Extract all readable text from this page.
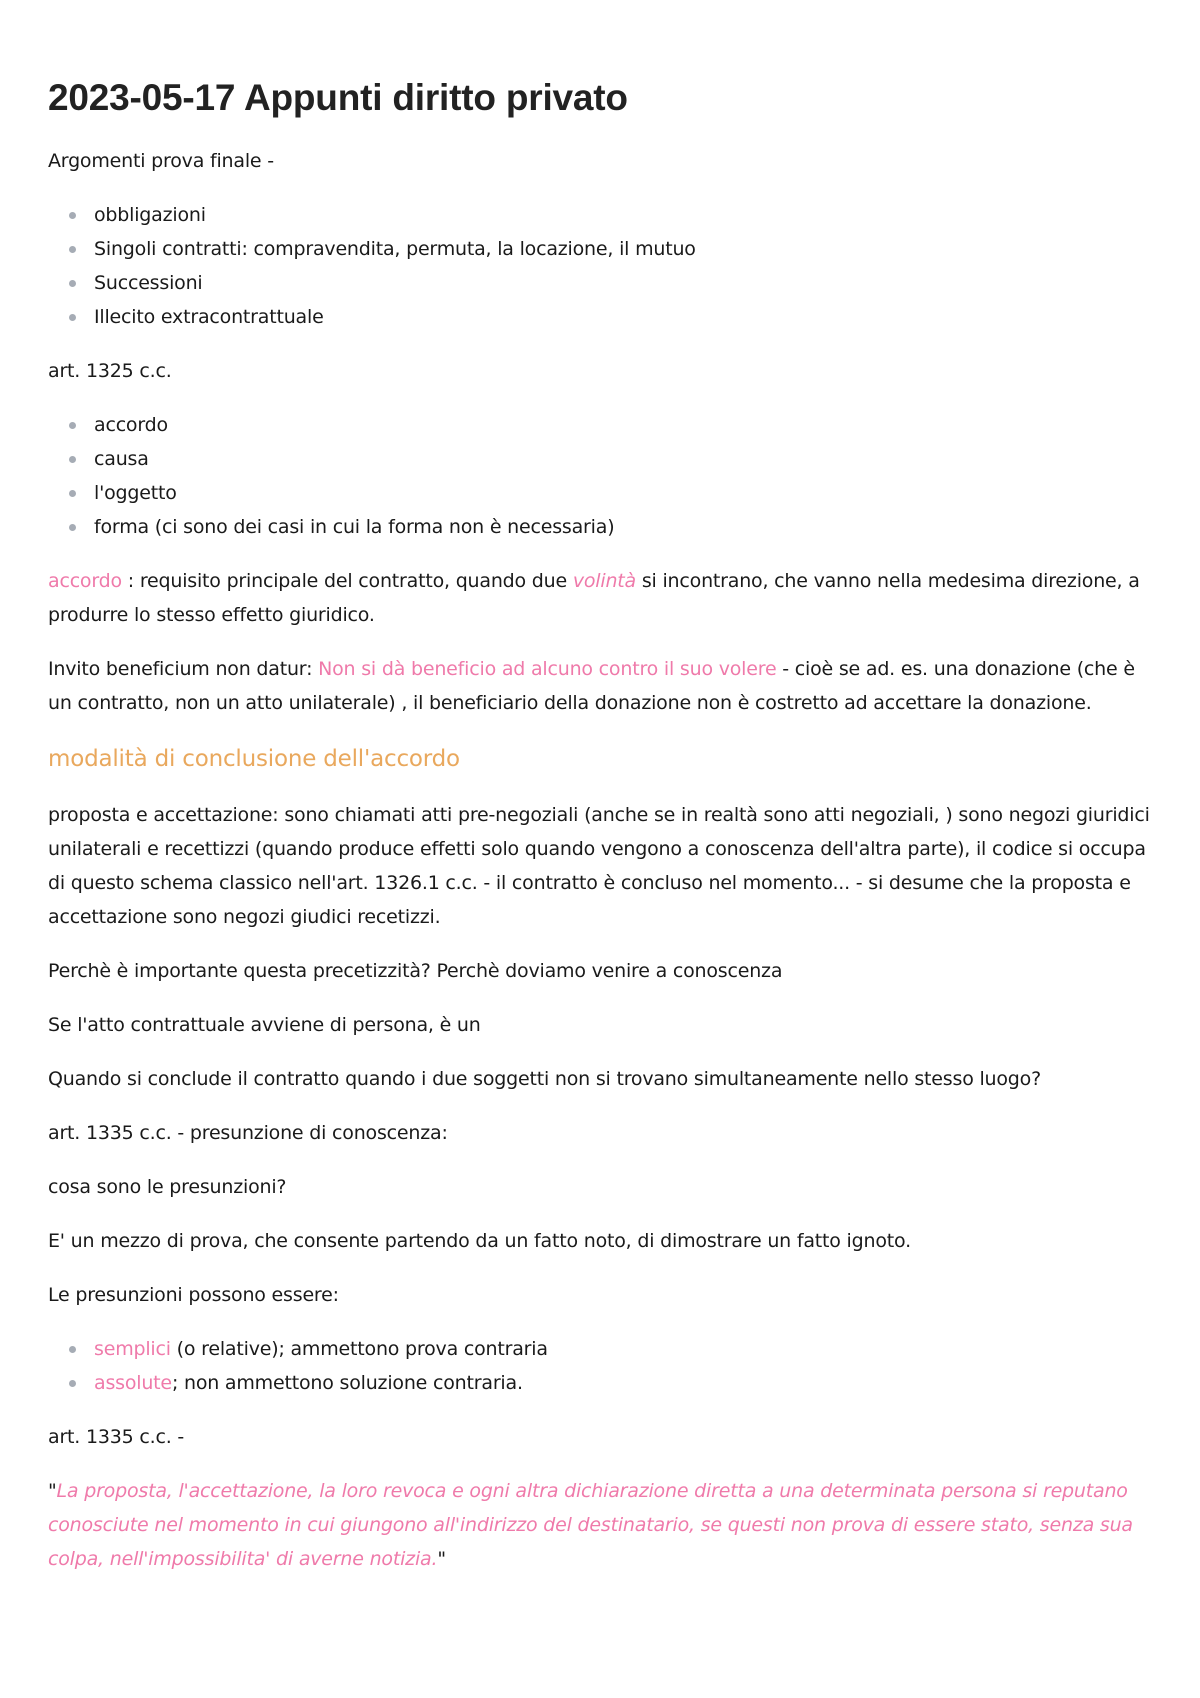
2023-05-17 Appunti diritto privato

Argomenti prova finale -

obbligazioni
Singoli contratti: compravendita, permuta, la locazione, il mutuo
Successioni
Illecito extracontrattuale

art. 1325 c.c.

accordo
causa
l'oggetto
forma (ci sono dei casi in cui la forma non è necessaria)

accordo : requisito principale del contratto, quando due volintà si incontrano, che vanno nella medesima direzione, a produrre lo stesso effetto giuridico.

Invito beneficium non datur: Non si dà beneficio ad alcuno contro il suo volere - cioè se ad. es. una donazione (che è un contratto, non un atto unilaterale) , il beneficiario della donazione non è costretto ad accettare la donazione.

modalità di conclusione dell'accordo

proposta e accettazione: sono chiamati atti pre-negoziali (anche se in realtà sono atti negoziali, ) sono negozi giuridici unilaterali e recettizzi (quando produce effetti solo quando vengono a conoscenza dell'altra parte), il codice si occupa di questo schema classico nell'art. 1326.1 c.c. - il contratto è concluso nel momento... - si desume che la proposta e accettazione sono negozi giudici recetizzi.

Perchè è importante questa precetizzità? Perchè doviamo venire a conoscenza

Se l'atto contrattuale avviene di persona, è un

Quando si conclude il contratto quando i due soggetti non si trovano simultaneamente nello stesso luogo?

art. 1335 c.c. - presunzione di conoscenza:

cosa sono le presunzioni?

E' un mezzo di prova, che consente partendo da un fatto noto, di dimostrare un fatto ignoto.

Le presunzioni possono essere:

semplici (o relative); ammettono prova contraria
assolute; non ammettono soluzione contraria.

art. 1335 c.c. -

"La proposta, l'accettazione, la loro revoca e ogni altra dichiarazione diretta a una determinata persona si reputano conosciute nel momento in cui giungono all'indirizzo del destinatario, se questi non prova di essere stato, senza sua colpa, nell'impossibilita' di averne notizia."
